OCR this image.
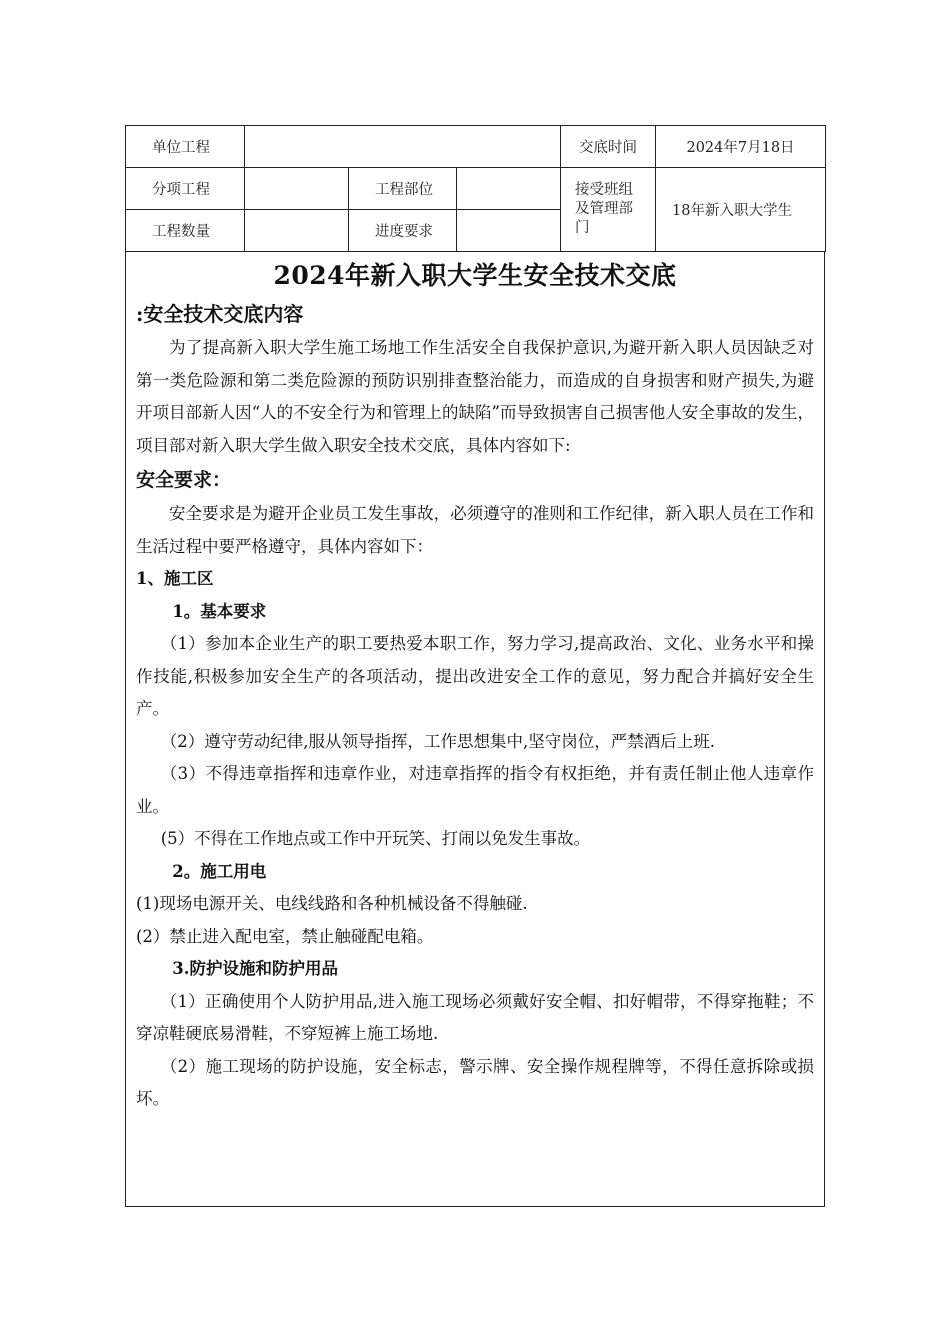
单位工程				交底时间	2024年7月18日
分项工程		工程部位		接受班组及管理部门	18年新入职大学生
工程数量		进度要求			
2024年新入职大学生安全技术交底
:安全技术交底内容

为了提高新入职大学生施工场地工作生活安全自我保护意识,为避开新入职人员因缺乏对第一类危险源和第二类危险源的预防识别排查整治能力，而造成的自身损害和财产损失,为避开项目部新人因“人的不安全行为和管理上的缺陷”而导致损害自己损害他人安全事故的发生，项目部对新入职大学生做入职安全技术交底，具体内容如下:

安全要求：

安全要求是为避开企业员工发生事故，必须遵守的准则和工作纪律，新入职人员在工作和生活过程中要严格遵守，具体内容如下：

1、施工区

1。基本要求

（1）参加本企业生产的职工要热爱本职工作，努力学习,提高政治、文化、业务水平和操作技能,积极参加安全生产的各项活动，提出改进安全工作的意见，努力配合并搞好安全生产。

（2）遵守劳动纪律,服从领导指挥，工作思想集中,坚守岗位，严禁酒后上班.

（3）不得违章指挥和违章作业，对违章指挥的指令有权拒绝，并有责任制止他人违章作业。

(5）不得在工作地点或工作中开玩笑、打闹以免发生事故。

2。施工用电

(1)现场电源开关、电线线路和各种机械设备不得触碰.

(2）禁止进入配电室，禁止触碰配电箱。

3.防护设施和防护用品

（1）正确使用个人防护用品,进入施工现场必须戴好安全帽、扣好帽带，不得穿拖鞋；不穿凉鞋硬底易滑鞋，不穿短裤上施工场地.

（2）施工现场的防护设施，安全标志，警示牌、安全操作规程牌等，不得任意拆除或损坏。
